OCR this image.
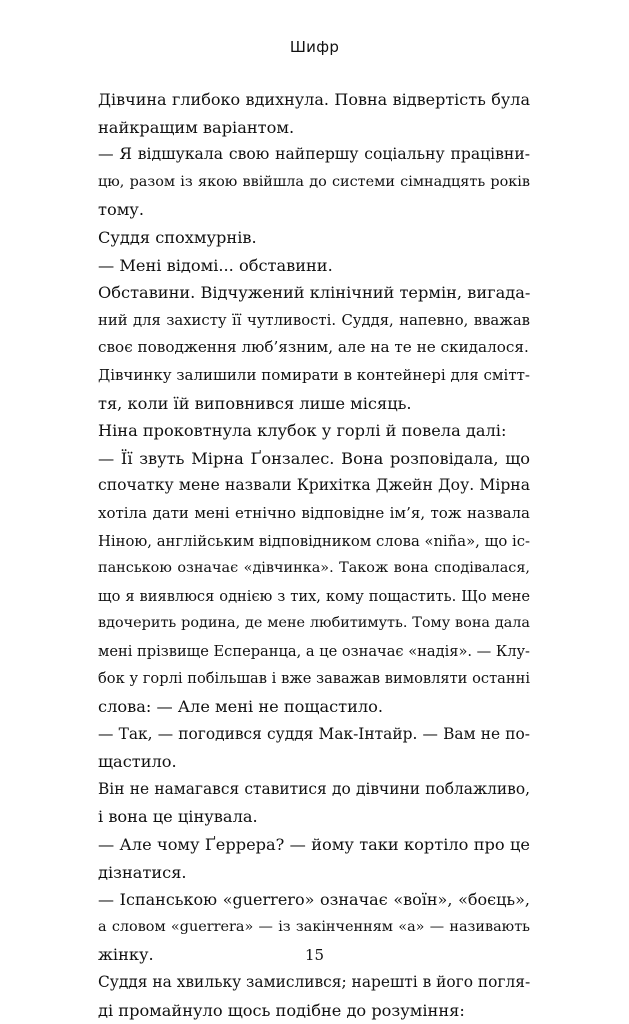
Шифр
Дівчина глибоко вдихнула. Повна відвертість була
найкращим варіантом.
— Я відшукала свою найпершу соціальну працівни-
цю, разом із якою ввійшла до системи сімнадцять років
тому.
Суддя спохмурнів.
— Мені відомі... обставини.
Обставини. Відчужений клінічний термін, вигада-
ний для захисту її чутливості. Суддя, напевно, вважав
своє поводження люб’язним, але на те не скидалося.
Дівчинку залишили помирати в контейнері для смітт-
тя, коли їй виповнився лише місяць.
Ніна проковтнула клубок у горлі й повела далі:
— Її звуть Мірна Ґонзалес. Вона розповідала, що
спочатку мене назвали Крихітка Джейн Доу. Мірна
хотіла дати мені етнічно відповідне ім’я, тож назвала
Ніною, англійським відповідником слова «niña», що іс-
панською означає «дівчинка». Також вона сподівалася,
що я виявлюся однією з тих, кому пощастить. Що мене
вдочерить родина, де мене любитимуть. Тому вона дала
мені прізвище Есперанца, а це означає «надія». — Клу-
бок у горлі побільшав і вже заважав вимовляти останні
слова: — Але мені не пощастило.
— Так, — погодився суддя Мак-Інтайр. — Вам не по-
щастило.
Він не намагався ставитися до дівчини поблажливо,
і вона це цінувала.
— Але чому Ґеррера? — йому таки кортіло про це
дізнатися.
— Іспанською «guerrero» означає «воїн», «боєць»,
а словом «guerrera» — із закінченням «а» — називають
жінку.
Суддя на хвильку замислився; нарешті в його погля-
ді промайнуло щось подібне до розуміння:
15
